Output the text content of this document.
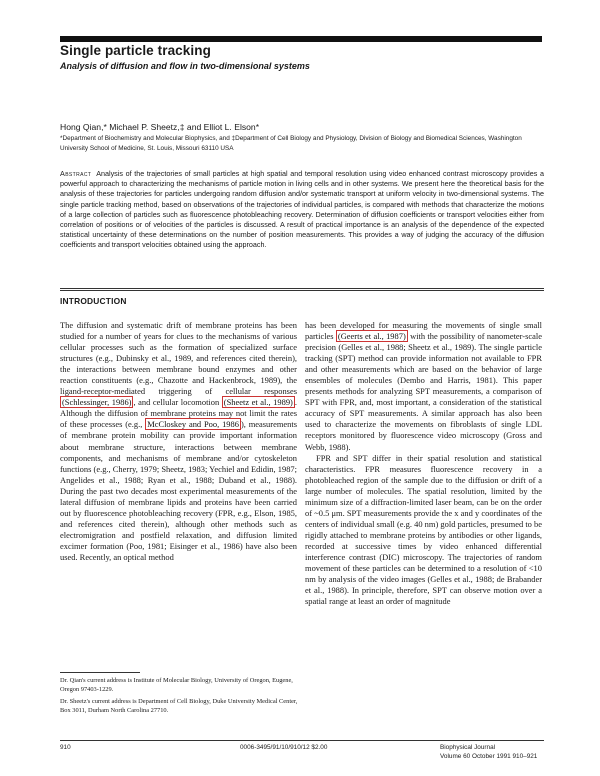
Single particle tracking
Analysis of diffusion and flow in two-dimensional systems
Hong Qian,* Michael P. Sheetz,‡ and Elliot L. Elson*
*Department of Biochemistry and Molecular Biophysics, and ‡Department of Cell Biology and Physiology, Division of Biology and Biomedical Sciences, Washington University School of Medicine, St. Louis, Missouri 63110 USA
Abstract Analysis of the trajectories of small particles at high spatial and temporal resolution using video enhanced contrast microscopy provides a powerful approach to characterizing the mechanisms of particle motion in living cells and in other systems. We present here the theoretical basis for the analysis of these trajectories for particles undergoing random diffusion and/or systematic transport at uniform velocity in two-dimensional systems. The single particle tracking method, based on observations of the trajectories of individual particles, is compared with methods that characterize the motions of a large collection of particles such as fluorescence photobleaching recovery. Determination of diffusion coefficients or transport velocities either from correlation of positions or of velocities of the particles is discussed. A result of practical importance is an analysis of the dependence of the expected statistical uncertainty of these determinations on the number of position measurements. This provides a way of judging the accuracy of the diffusion coefficients and transport velocities obtained using the approach.
INTRODUCTION

The diffusion and systematic drift of membrane proteins has been studied for a number of years for clues to the mechanisms of various cellular processes such as the formation of specialized surface structures (e.g., Dubinsky et al., 1989, and references cited therein), the interactions between membrane bound enzymes and other reaction constituents (e.g., Chazotte and Hackenbrock, 1989), the ligand-receptor-mediated triggering of cellular responses (Schlessinger, 1986) , and cellular locomotion (Sheetz et al., 1989) . Although the diffusion of membrane proteins may not limit the rates of these processes (e.g., McCloskey and Poo, 1986 ), measurements of membrane protein mobility can provide important information about membrane structure, interactions between membrane components, and mechanisms of membrane and/or cytoskeleton functions (e.g., Cherry, 1979; Sheetz, 1983; Yechiel and Edidin, 1987; Angelides et al., 1988; Ryan et al., 1988; Duband et al., 1988). During the past two decades most experimental measurements of the lateral diffusion of membrane lipids and proteins have been carried out by fluorescence photobleaching recovery (FPR, e.g., Elson, 1985, and references cited therein), although other methods such as electromigration and postfield relaxation, and diffusion limited excimer formation (Poo, 1981; Eisinger et al., 1986) have also been used. Recently, an optical method

has been developed for measuring the movements of single small particles (Geerts et al., 1987) with the possibility of nanometer-scale precision (Gelles et al., 1988; Sheetz et al., 1989). The single particle tracking (SPT) method can provide information not available to FPR and other measurements which are based on the behavior of large ensembles of molecules (Dembo and Harris, 1981). This paper presents methods for analyzing SPT measurements, a comparison of SPT with FPR, and, most important, a consideration of the statistical accuracy of SPT measurements. A similar approach has also been used to characterize the movements on fibroblasts of single LDL receptors monitored by fluorescence video microscopy (Gross and Webb, 1988).

FPR and SPT differ in their spatial resolution and statistical characteristics. FPR measures fluorescence recovery in a photobleached region of the sample due to the diffusion or drift of a large number of molecules. The spatial resolution, limited by the minimum size of a diffraction-limited laser beam, can be on the order of ~0.5 μm. SPT measurements provide the x and y coordinates of the centers of individual small (e.g. 40 nm) gold particles, presumed to be rigidly attached to membrane proteins by antibodies or other ligands, recorded at successive times by video enhanced differential interference contrast (DIC) microscopy. The trajectories of random movement of these particles can be determined to a resolution of <10 nm by analysis of the video images (Gelles et al., 1988; de Brabander et al., 1988). In principle, therefore, SPT can observe motion over a spatial range at least an order of magnitude

Dr. Qian's current address is Institute of Molecular Biology, University of Oregon, Eugene, Oregon 97403-1229.
Dr. Sheetz's current address is Department of Cell Biology, Duke University Medical Center, Box 3011, Durham North Carolina 27710.
910	0006-3495/91/10/910/12 $2.00	Biophysical Journal
Volume 60 October 1991 910–921
